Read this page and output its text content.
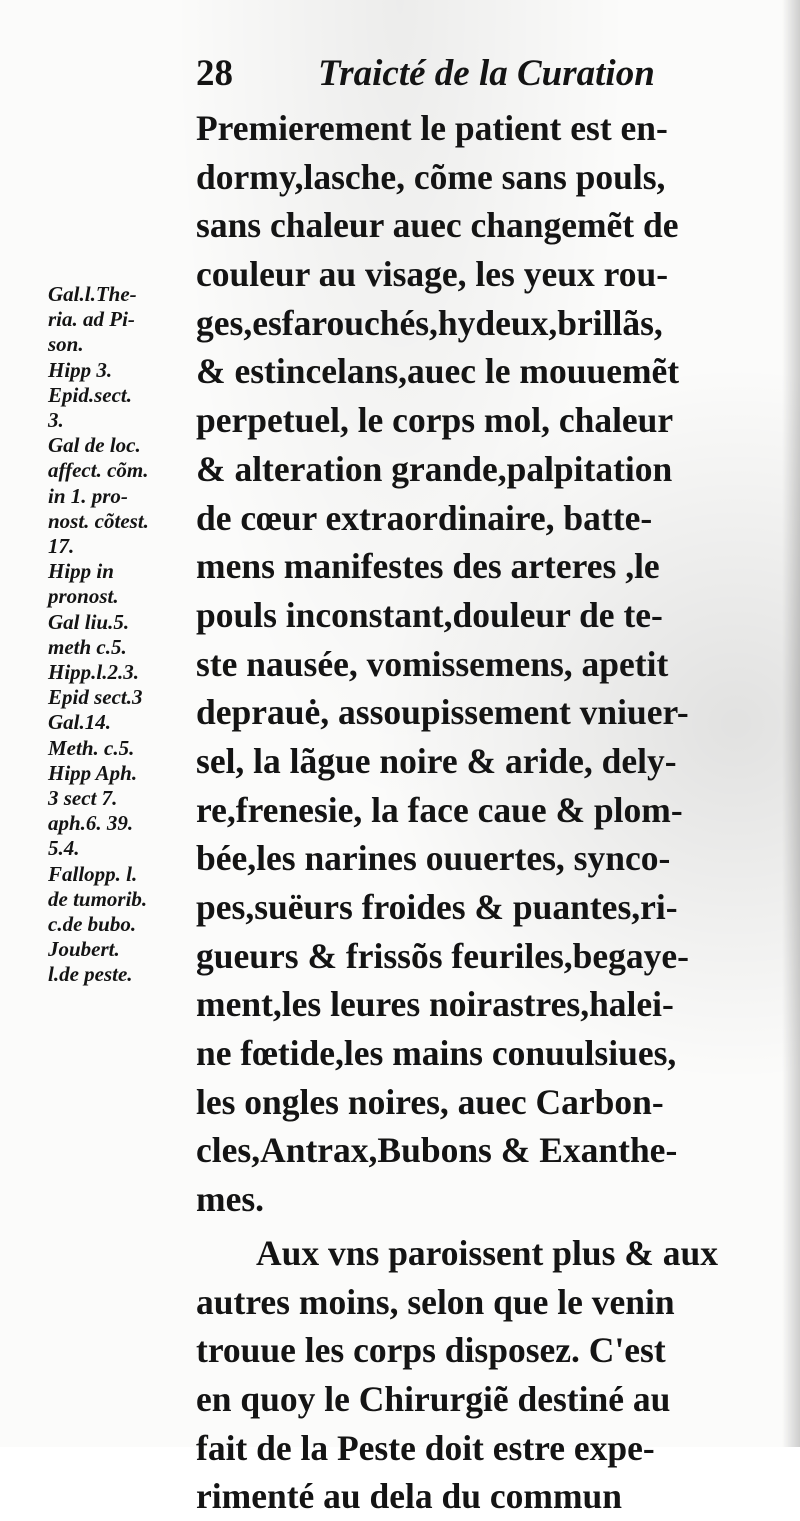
28 Traicté de la Curation
Premierement le patient est en-
dormy,lasche, cõme sans pouls,
sans chaleur auec changemẽt de
couleur au visage, les yeux rou-
ges,esfarouchés,hydeux,brillãs,
& estincelans,auec le mouuemẽt
perpetuel, le corps mol, chaleur
& alteration grande,palpitation
de cœur extraordinaire, batte-
mens manifestes des arteres ,le
pouls inconstant,douleur de te-
ste nausée, vomissemens, apetit
deprauė, assoupissement vniuer-
sel, la lãgue noire & aride, dely-
re,frenesie, la face caue & plom-
bée,les narines ouuertes, synco-
pes,suëurs froides & puantes,ri-
gueurs & frissõs feuriles,begaye-
ment,les leures noirastres,halei-
ne fœtide,les mains conuulsiues,
les ongles noires, auec Carbon-
cles,Antrax,Bubons & Exanthe-
mes.
Aux vns paroissent plus & aux
autres moins, selon que le venin
trouue les corps disposez. C'est
en quoy le Chirurgiẽ destiné au
fait de la Peste doit estre expe-
rimenté au dela du commun
Gal.l.The-
ria. ad Pi-
son.
Hipp 3.
Epid.sect.
3.
Gal de loc.
affect. cõm.
in 1. pro-
nost. cõtest.
17.
Hipp in
pronost.
Gal liu.5.
meth c.5.
Hipp.l.2.3.
Epid sect.3
Gal.14.
Meth. c.5.
Hipp Aph.
3 sect 7.
aph.6. 39.
5.4.
Fallopp. l.
de tumorib.
c.de bubo.
Joubert.
l.de peste.
